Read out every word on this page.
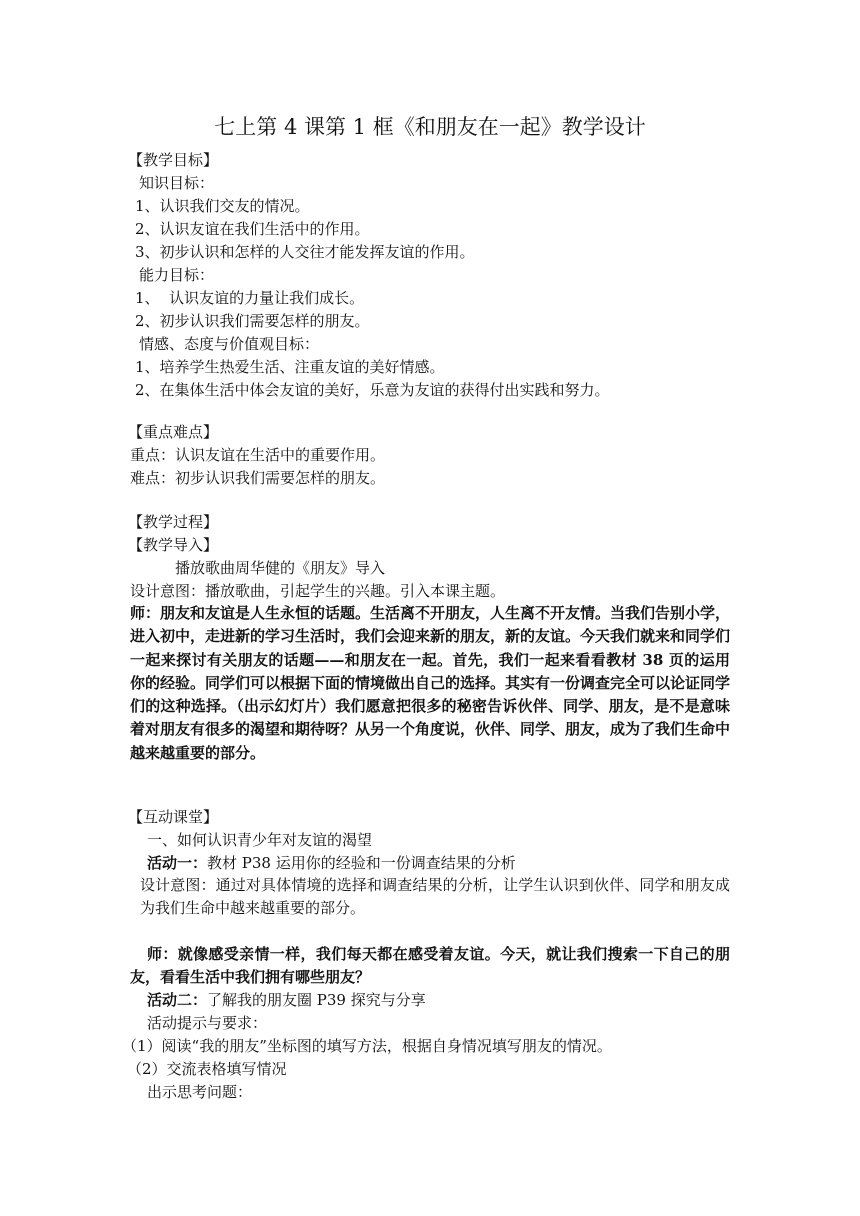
七上第 4 课第 1 框《和朋友在一起》教学设计
【教学目标】
知识目标：
1、认识我们交友的情况。
2、认识友谊在我们生活中的作用。
3、初步认识和怎样的人交往才能发挥友谊的作用。
能力目标：
1、  认识友谊的力量让我们成长。
2、初步认识我们需要怎样的朋友。
情感、态度与价值观目标：
1、培养学生热爱生活、注重友谊的美好情感。
2、在集体生活中体会友谊的美好，乐意为友谊的获得付出实践和努力。
【重点难点】
重点：认识友谊在生活中的重要作用。
难点：初步认识我们需要怎样的朋友。
【教学过程】
【教学导入】
播放歌曲周华健的《朋友》导入
设计意图：播放歌曲，引起学生的兴趣。引入本课主题。

师：朋友和友谊是人生永恒的话题。生活离不开朋友，人生离不开友情。当我们告别小学，进入初中，走进新的学习生活时，我们会迎来新的朋友，新的友谊。今天我们就来和同学们一起来探讨有关朋友的话题——和朋友在一起。首先，我们一起来看看教材 38 页的运用你的经验。同学们可以根据下面的情境做出自己的选择。其实有一份调查完全可以论证同学们的这种选择。（出示幻灯片）我们愿意把很多的秘密告诉伙伴、同学、朋友，是不是意味着对朋友有很多的渴望和期待呀？从另一个角度说，伙伴、同学、朋友，成为了我们生命中越来越重要的部分。

【互动课堂】
一、如何认识青少年对友谊的渴望
活动一：教材 P38 运用你的经验和一份调查结果的分析

设计意图：通过对具体情境的选择和调查结果的分析，让学生认识到伙伴、同学和朋友成为我们生命中越来越重要的部分。

师：就像感受亲情一样，我们每天都在感受着友谊。今天，就让我们搜索一下自己的朋友，看看生活中我们拥有哪些朋友？

活动二：了解我的朋友圈 P39 探究与分享
活动提示与要求：
（1）阅读“我的朋友”坐标图的填写方法，根据自身情况填写朋友的情况。
（2）交流表格填写情况
出示思考问题：
